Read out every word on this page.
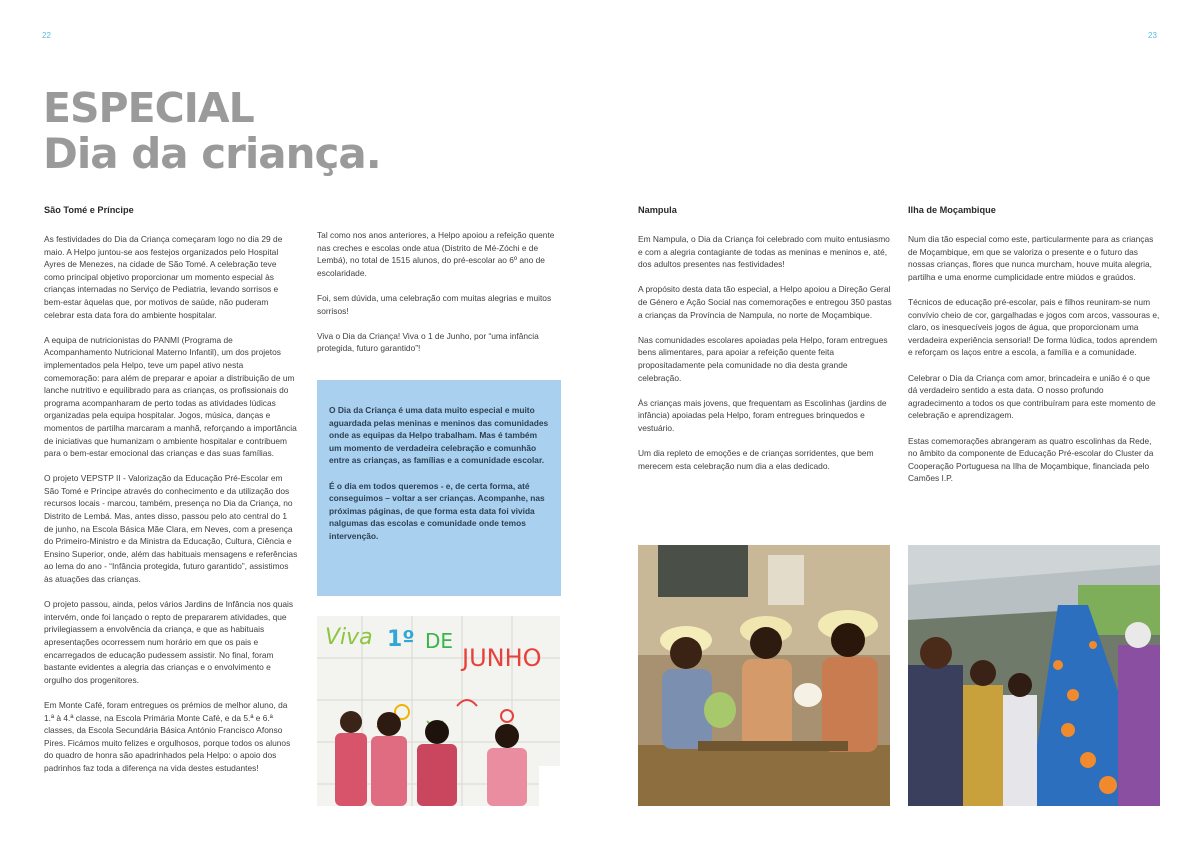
22	23
ESPECIAL
Dia da criança.
São Tomé e Príncipe

As festividades do Dia da Criança começaram logo no dia 29 de maio. A Helpo juntou-se aos festejos organizados pelo Hospital Ayres de Menezes, na cidade de São Tomé. A celebração teve como principal objetivo proporcionar um momento especial às crianças internadas no Serviço de Pediatria, levando sorrisos e bem-estar àquelas que, por motivos de saúde, não puderam celebrar esta data fora do ambiente hospitalar.

A equipa de nutricionistas do PANMI (Programa de Acompanhamento Nutricional Materno Infantil), um dos projetos implementados pela Helpo, teve um papel ativo nesta comemoração: para além de preparar e apoiar a distribuição de um lanche nutritivo e equilibrado para as crianças, os profissionais do programa acompanharam de perto todas as atividades lúdicas organizadas pela equipa hospitalar. Jogos, música, danças e momentos de partilha marcaram a manhã, reforçando a importância de iniciativas que humanizam o ambiente hospitalar e contribuem para o bem-estar emocional das crianças e das suas famílias.

O projeto VEPSTP II - Valorização da Educação Pré-Escolar em São Tomé e Príncipe através do conhecimento e da utilização dos recursos locais - marcou, também, presença no Dia da Criança, no Distrito de Lembá. Mas, antes disso, passou pelo ato central do 1 de junho, na Escola Básica Mãe Clara, em Neves, com a presença do Primeiro-Ministro e da Ministra da Educação, Cultura, Ciência e Ensino Superior, onde, além das habituais mensagens e referências ao lema do ano - “Infância protegida, futuro garantido”, assistimos às atuações das crianças.

O projeto passou, ainda, pelos vários Jardins de Infância nos quais intervém, onde foi lançado o repto de prepararem atividades, que privilegiassem a envolvência da criança, e que as habituais apresentações ocorressem num horário em que os pais e encarregados de educação pudessem assistir. No final, foram bastante evidentes a alegria das crianças e o envolvimento e orgulho dos progenitores.

Em Monte Café, foram entregues os prémios de melhor aluno, da 1.ª à 4.ª classe, na Escola Primária Monte Café, e da 5.ª e 6.ª classes, da Escola Secundária Básica António Francisco Afonso Pires. Ficámos muito felizes e orgulhosos, porque todos os alunos do quadro de honra são apadrinhados pela Helpo: o apoio dos padrinhos faz toda a diferença na vida destes estudantes!

Tal como nos anos anteriores, a Helpo apoiou a refeição quente nas creches e escolas onde atua (Distrito de Mé-Zóchi e de Lembá), no total de 1515 alunos, do pré-escolar ao 6º ano de escolaridade.

Foi, sem dúvida, uma celebração com muitas alegrias e muitos sorrisos!

Viva o Dia da Criança! Viva o 1 de Junho, por “uma infância protegida, futuro garantido”!

O Dia da Criança é uma data muito especial e muito aguardada pelas meninas e meninos das comunidades onde as equipas da Helpo trabalham. Mas é também um momento de verdadeira celebração e comunhão entre as crianças, as famílias e a comunidade escolar.

É o dia em todos queremos - e, de certa forma, até conseguimos – voltar a ser crianças. Acompanhe, nas próximas páginas, de que forma esta data foi vivida nalgumas das escolas e comunidade onde temos intervenção.

Nampula

Em Nampula, o Dia da Criança foi celebrado com muito entusiasmo e com a alegria contagiante de todas as meninas e meninos e, até, dos adultos presentes nas festividades!

A propósito desta data tão especial, a Helpo apoiou a Direção Geral de Género e Ação Social nas comemorações e entregou 350 pastas a crianças da Província de Nampula, no norte de Moçambique.

Nas comunidades escolares apoiadas pela Helpo, foram entregues bens alimentares, para apoiar a refeição quente feita propositadamente pela comunidade no dia desta grande celebração.

Às crianças mais jovens, que frequentam as Escolinhas (jardins de infância) apoiadas pela Helpo, foram entregues brinquedos e vestuário.

Um dia repleto de emoções e de crianças sorridentes, que bem merecem esta celebração num dia a elas dedicado.

Ilha de Moçambique

Num dia tão especial como este, particularmente para as crianças de Moçambique, em que se valoriza o presente e o futuro das nossas crianças, flores que nunca murcham, houve muita alegria, partilha e uma enorme cumplicidade entre miúdos e graúdos.

Técnicos de educação pré-escolar, pais e filhos reuniram-se num convívio cheio de cor, gargalhadas e jogos com arcos, vassouras e, claro, os inesquecíveis jogos de água, que proporcionam uma verdadeira experiência sensorial! De forma lúdica, todos aprendem e reforçam os laços entre a escola, a família e a comunidade.

Celebrar o Dia da Criança com amor, brincadeira e união é o que dá verdadeiro sentido a esta data. O nosso profundo agradecimento a todos os que contribuíram para este momento de celebração e aprendizagem.

Estas comemorações abrangeram as quatro escolinhas da Rede, no âmbito da componente de Educação Pré-escolar do Cluster da Cooperação Portuguesa na Ilha de Moçambique, financiada pelo Camões I.P.

Viva 1º DE
JUNHO
